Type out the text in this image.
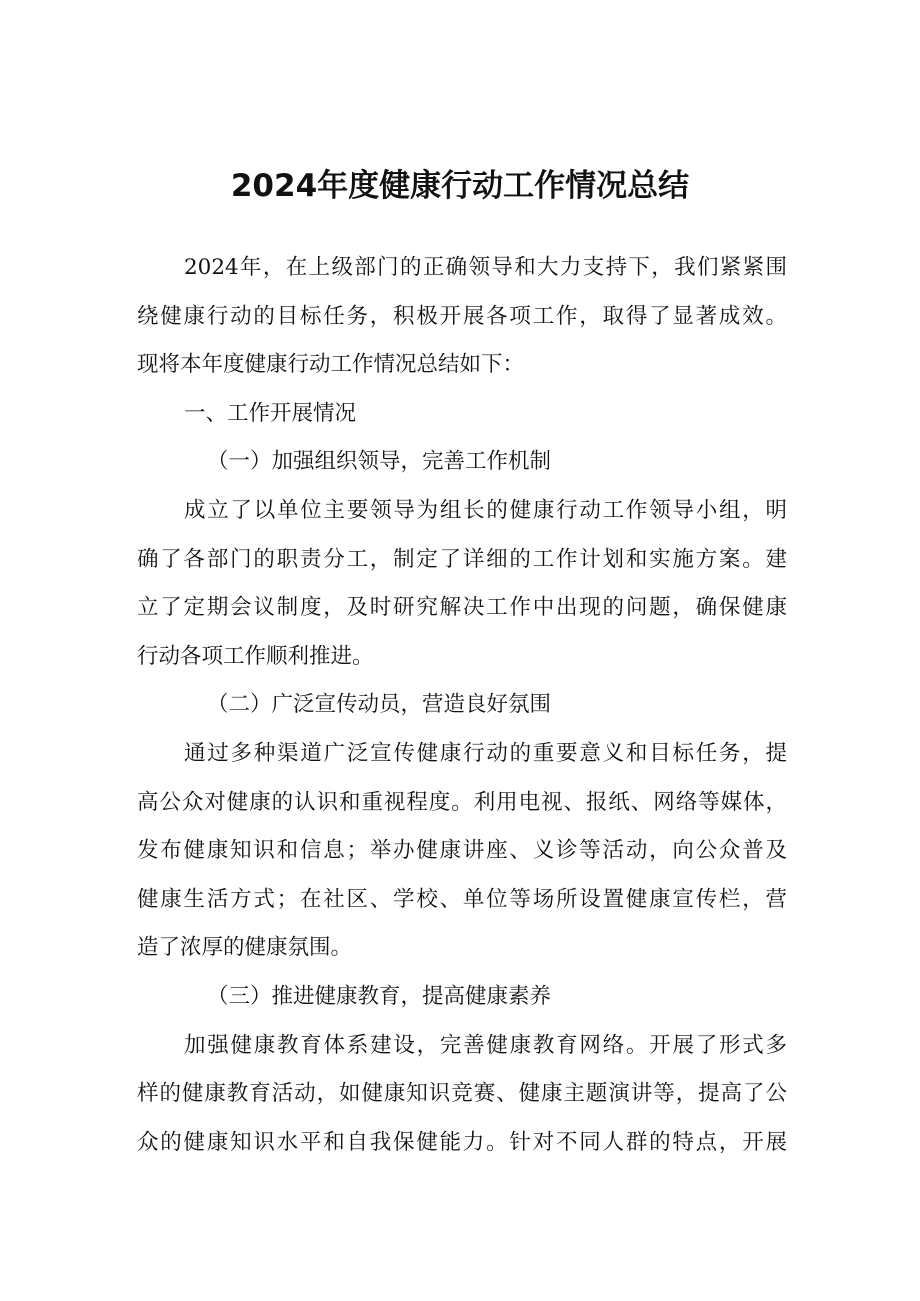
2024年度健康行动工作情况总结
2024年，在上级部门的正确领导和大力支持下，我们紧紧围
绕健康行动的目标任务，积极开展各项工作，取得了显著成效。
现将本年度健康行动工作情况总结如下：
一、工作开展情况
（一）加强组织领导，完善工作机制
成立了以单位主要领导为组长的健康行动工作领导小组，明
确了各部门的职责分工，制定了详细的工作计划和实施方案。建
立了定期会议制度，及时研究解决工作中出现的问题，确保健康
行动各项工作顺利推进。
（二）广泛宣传动员，营造良好氛围
通过多种渠道广泛宣传健康行动的重要意义和目标任务，提
高公众对健康的认识和重视程度。利用电视、报纸、网络等媒体，
发布健康知识和信息；举办健康讲座、义诊等活动，向公众普及
健康生活方式；在社区、学校、单位等场所设置健康宣传栏，营
造了浓厚的健康氛围。
（三）推进健康教育，提高健康素养
加强健康教育体系建设，完善健康教育网络。开展了形式多
样的健康教育活动，如健康知识竞赛、健康主题演讲等，提高了公
众的健康知识水平和自我保健能力。针对不同人群的特点，开展
